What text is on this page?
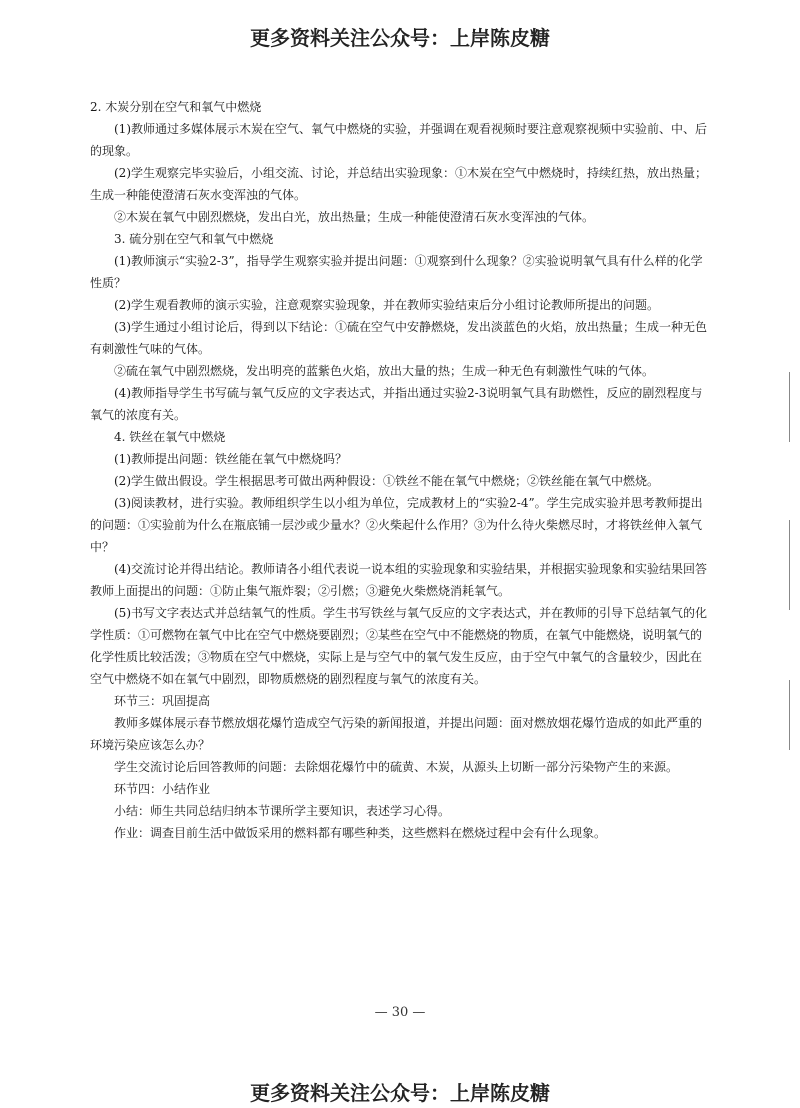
更多资料关注公众号：上岸陈皮糖

2. 木炭分别在空气和氧气中燃烧

(1)教师通过多媒体展示木炭在空气、氧气中燃烧的实验，并强调在观看视频时要注意观察视频中实验前、中、后的现象。

(2)学生观察完毕实验后，小组交流、讨论，并总结出实验现象：①木炭在空气中燃烧时，持续红热，放出热量；生成一种能使澄清石灰水变浑浊的气体。

②木炭在氧气中剧烈燃烧，发出白光，放出热量；生成一种能使澄清石灰水变浑浊的气体。

3. 硫分别在空气和氧气中燃烧

(1)教师演示“实验2-3”，指导学生观察实验并提出问题：①观察到什么现象？②实验说明氧气具有什么样的化学性质？

(2)学生观看教师的演示实验，注意观察实验现象，并在教师实验结束后分小组讨论教师所提出的问题。

(3)学生通过小组讨论后，得到以下结论：①硫在空气中安静燃烧，发出淡蓝色的火焰，放出热量；生成一种无色有刺激性气味的气体。

②硫在氧气中剧烈燃烧，发出明亮的蓝紫色火焰，放出大量的热；生成一种无色有刺激性气味的气体。

(4)教师指导学生书写硫与氧气反应的文字表达式，并指出通过实验2-3说明氧气具有助燃性，反应的剧烈程度与氧气的浓度有关。

4. 铁丝在氧气中燃烧

(1)教师提出问题：铁丝能在氧气中燃烧吗？

(2)学生做出假设。学生根据思考可做出两种假设：①铁丝不能在氧气中燃烧；②铁丝能在氧气中燃烧。

(3)阅读教材，进行实验。教师组织学生以小组为单位，完成教材上的“实验2-4”。学生完成实验并思考教师提出的问题：①实验前为什么在瓶底铺一层沙或少量水？②火柴起什么作用？③为什么待火柴燃尽时，才将铁丝伸入氧气中？

(4)交流讨论并得出结论。教师请各小组代表说一说本组的实验现象和实验结果，并根据实验现象和实验结果回答教师上面提出的问题：①防止集气瓶炸裂；②引燃；③避免火柴燃烧消耗氧气。

(5)书写文字表达式并总结氧气的性质。学生书写铁丝与氧气反应的文字表达式，并在教师的引导下总结氧气的化学性质：①可燃物在氧气中比在空气中燃烧要剧烈；②某些在空气中不能燃烧的物质，在氧气中能燃烧，说明氧气的化学性质比较活泼；③物质在空气中燃烧，实际上是与空气中的氧气发生反应，由于空气中氧气的含量较少，因此在空气中燃烧不如在氧气中剧烈，即物质燃烧的剧烈程度与氧气的浓度有关。

环节三：巩固提高

教师多媒体展示春节燃放烟花爆竹造成空气污染的新闻报道，并提出问题：面对燃放烟花爆竹造成的如此严重的环境污染应该怎么办？

学生交流讨论后回答教师的问题：去除烟花爆竹中的硫黄、木炭，从源头上切断一部分污染物产生的来源。

环节四：小结作业

小结：师生共同总结归纳本节课所学主要知识，表述学习心得。

作业：调查目前生活中做饭采用的燃料都有哪些种类，这些燃料在燃烧过程中会有什么现象。

— 30 —
更多资料关注公众号：上岸陈皮糖
